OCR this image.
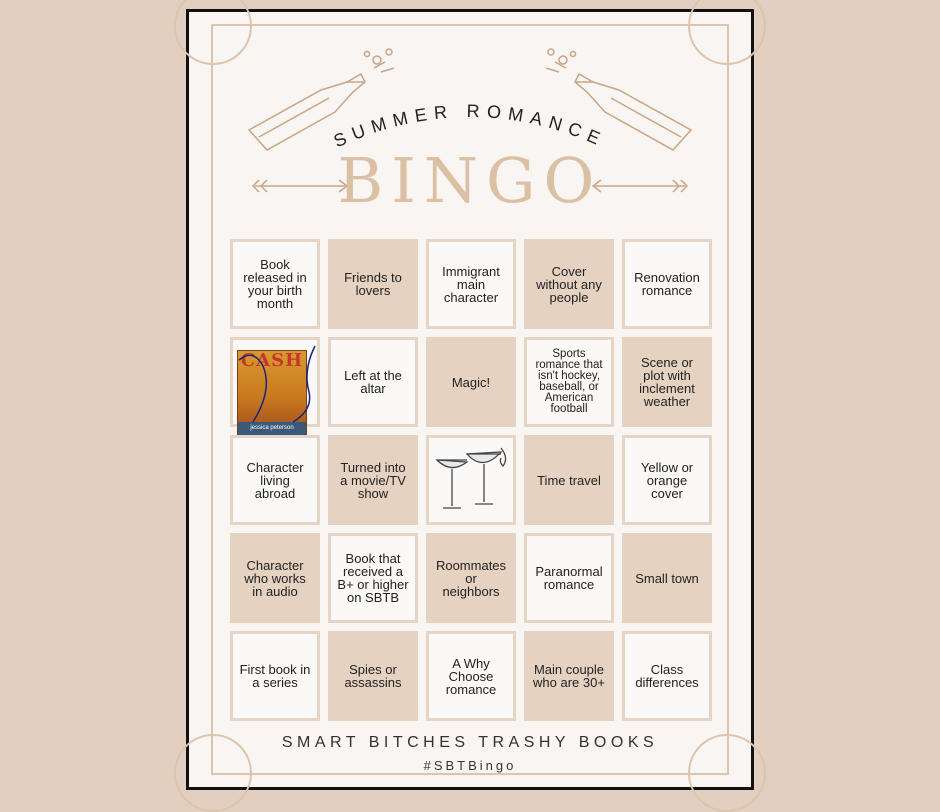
SUMMER ROMANCE
BINGO
Book released in your birth month
Friends to lovers
Immigrant main character
Cover without any people
Renovation romance
CASH
jessica peterson
Left at the altar	Magic!
Sports romance that isn't hockey, baseball, or American football
Scene or plot with inclement weather
Character living abroad
Turned into a movie/TV show
Time travel
Yellow or orange cover
Character who works in audio
Book that received a B+ or higher on SBTB
Roommates or neighbors
Paranormal romance	Small town
First book in a series
Spies or assassins
A Why Choose romance
Main couple who are 30+
Class differences
SMART BITCHES TRASHY BOOKS
#SBTBingo
